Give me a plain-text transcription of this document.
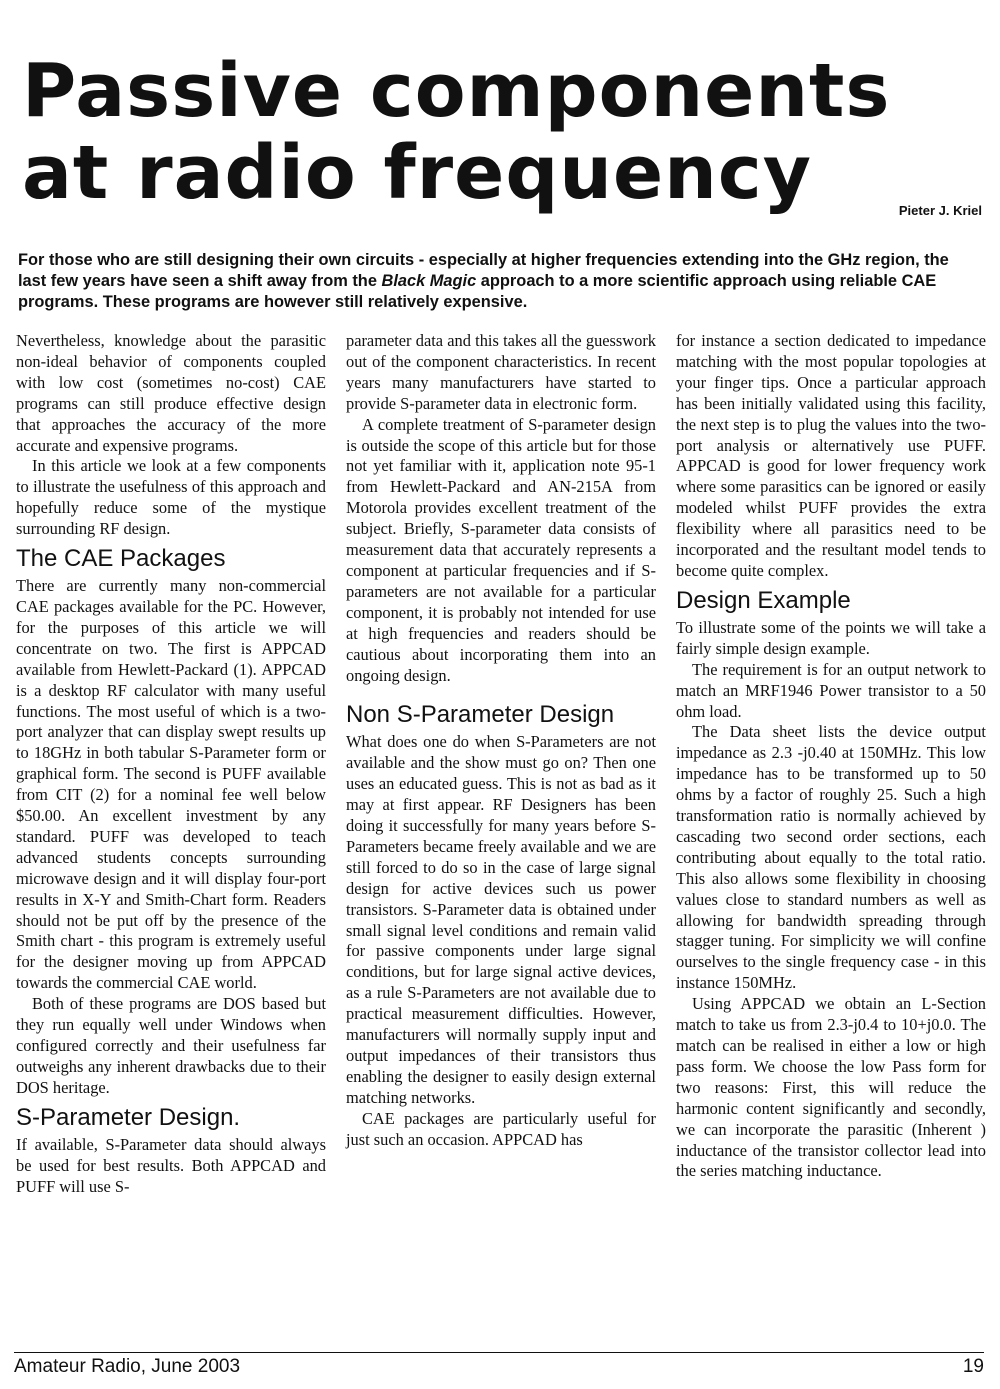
Passive components at radio frequency	Pieter J. Kriel

For those who are still designing their own circuits - especially at higher frequencies extending into the GHz region, the last few years have seen a shift away from the Black Magic approach to a more scientific approach using reliable CAE programs. These programs are however still relatively expensive.

Nevertheless, knowledge about the parasitic non-ideal behavior of components coupled with low cost (sometimes no-cost) CAE programs can still produce effective design that approaches the accuracy of the more accurate and expensive programs.

In this article we look at a few components to illustrate the usefulness of this approach and hopefully reduce some of the mystique surrounding RF design.

The CAE Packages

There are currently many non-commercial CAE packages available for the PC. However, for the purposes of this article we will concentrate on two. The first is APPCAD available from Hewlett-Packard (1). APPCAD is a desktop RF calculator with many useful functions. The most useful of which is a two-port analyzer that can display swept results up to 18GHz in both tabular S-Parameter form or graphical form. The second is PUFF available from CIT (2) for a nominal fee well below $50.00. An excellent investment by any standard. PUFF was developed to teach advanced students concepts surrounding microwave design and it will display four-port results in X-Y and Smith-Chart form. Readers should not be put off by the presence of the Smith chart - this program is extremely useful for the designer moving up from APPCAD towards the commercial CAE world.

Both of these programs are DOS based but they run equally well under Windows when configured correctly and their usefulness far outweighs any inherent drawbacks due to their DOS heritage.

S-Parameter Design.

If available, S-Parameter data should always be used for best results. Both APPCAD and PUFF will use S-

parameter data and this takes all the guesswork out of the component characteristics. In recent years many manufacturers have started to provide S-parameter data in electronic form.

A complete treatment of S-parameter design is outside the scope of this article but for those not yet familiar with it, application note 95-1 from Hewlett-Packard and AN-215A from Motorola provides excellent treatment of the subject. Briefly, S-parameter data consists of measurement data that accurately represents a component at particular frequencies and if S-parameters are not available for a particular component, it is probably not intended for use at high frequencies and readers should be cautious about incorporating them into an ongoing design.

Non S-Parameter Design

What does one do when S-Parameters are not available and the show must go on? Then one uses an educated guess. This is not as bad as it may at first appear. RF Designers has been doing it successfully for many years before S-Parameters became freely available and we are still forced to do so in the case of large signal design for active devices such us power transistors. S-Parameter data is obtained under small signal level conditions and remain valid for passive components under large signal conditions, but for large signal active devices, as a rule S-Parameters are not available due to practical measurement difficulties. However, manufacturers will normally supply input and output impedances of their transistors thus enabling the designer to easily design external matching networks.

CAE packages are particularly useful for just such an occasion. APPCAD has

for instance a section dedicated to impedance matching with the most popular topologies at your finger tips. Once a particular approach has been initially validated using this facility, the next step is to plug the values into the two-port analysis or alternatively use PUFF. APPCAD is good for lower frequency work where some parasitics can be ignored or easily modeled whilst PUFF provides the extra flexibility where all parasitics need to be incorporated and the resultant model tends to become quite complex.

Design Example

To illustrate some of the points we will take a fairly simple design example.

The requirement is for an output network to match an MRF1946 Power transistor to a 50 ohm load.

The Data sheet lists the device output impedance as 2.3 -j0.40 at 150MHz. This low impedance has to be transformed up to 50 ohms by a factor of roughly 25. Such a high transformation ratio is normally achieved by cascading two second order sections, each contributing about equally to the total ratio. This also allows some flexibility in choosing values close to standard numbers as well as allowing for bandwidth spreading through stagger tuning. For simplicity we will confine ourselves to the single frequency case - in this instance 150MHz.

Using APPCAD we obtain an L-Section match to take us from 2.3-j0.4 to 10+j0.0. The match can be realised in either a low or high pass form. We choose the low Pass form for two reasons: First, this will reduce the harmonic content significantly and secondly, we can incorporate the parasitic (Inherent ) inductance of the transistor collector lead into the series matching inductance.

Amateur Radio, June 2003	19
